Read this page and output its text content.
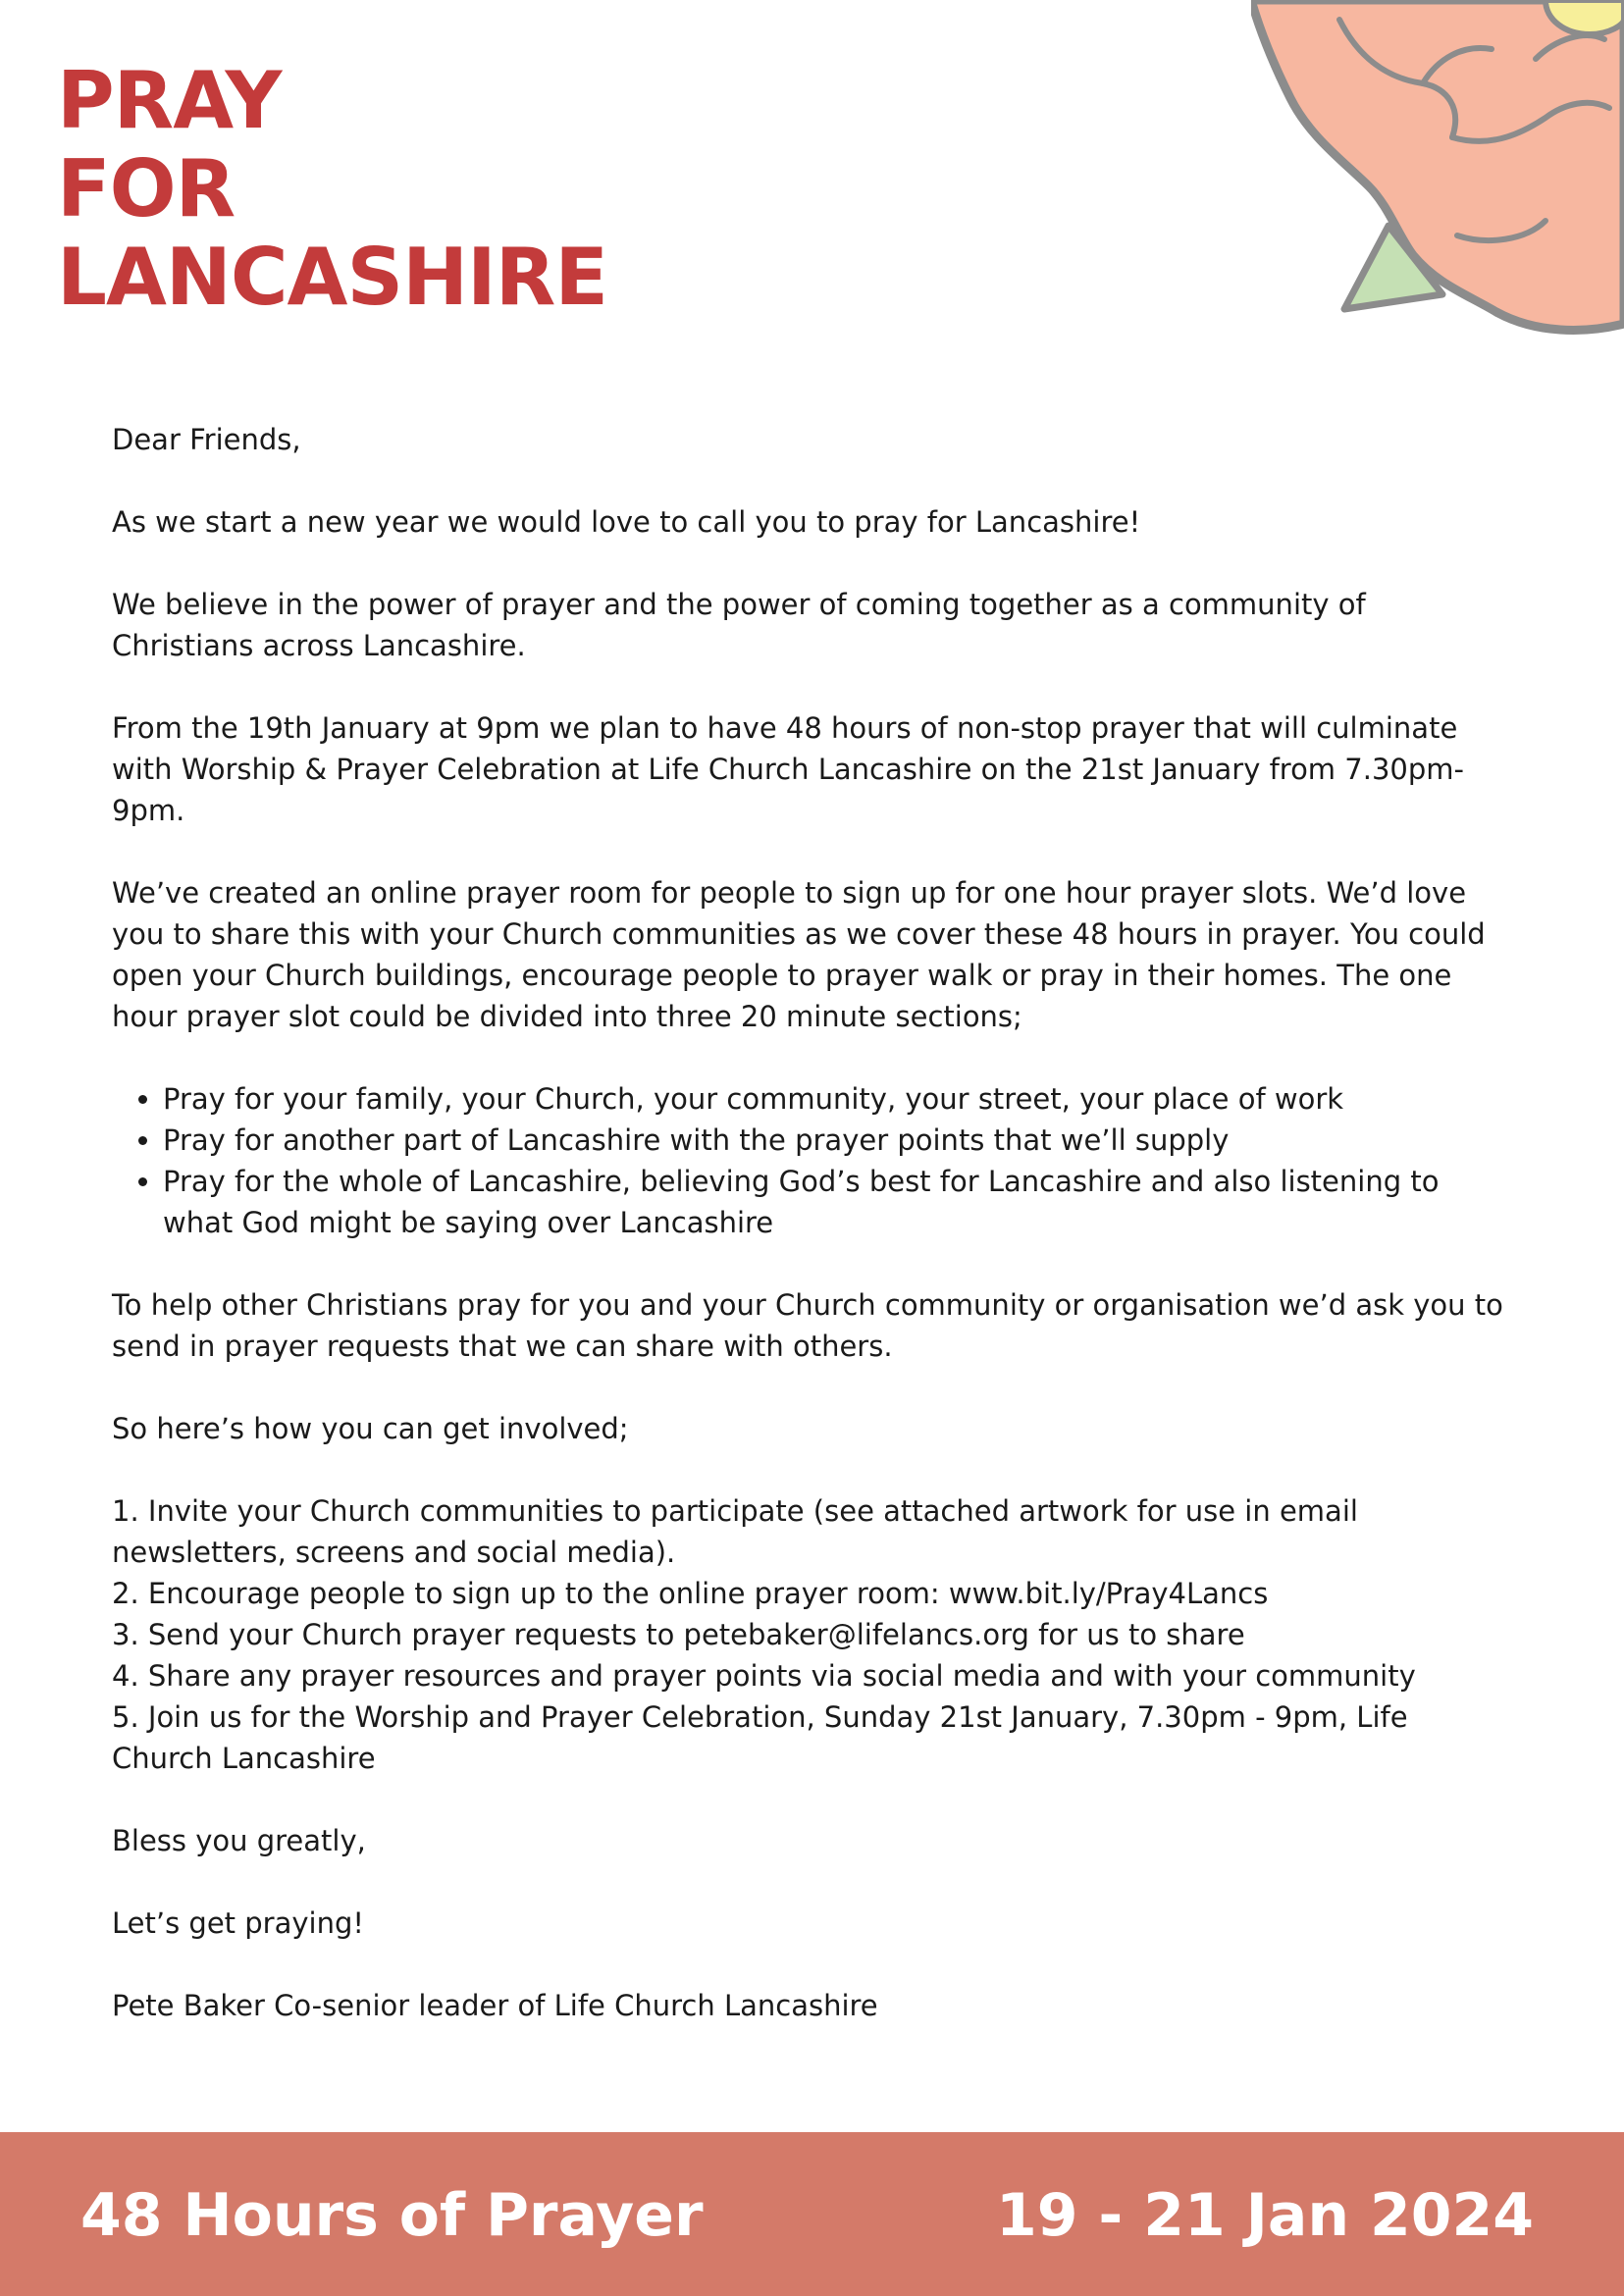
PRAY
FOR
LANCASHIRE

Dear Friends,

As we start a new year we would love to call you to pray for Lancashire!

We believe in the power of prayer and the power of coming together as a community of Christians across Lancashire.

From the 19th January at 9pm we plan to have 48 hours of non-stop prayer that will culminate with Worship & Prayer Celebration at Life Church Lancashire on the 21st January from 7.30pm-9pm.

We’ve created an online prayer room for people to sign up for one hour prayer slots. We’d love you to share this with your Church communities as we cover these 48 hours in prayer. You could open your Church buildings, encourage people to prayer walk or pray in their homes. The one hour prayer slot could be divided into three 20 minute sections;

• Pray for your family, your Church, your community, your street, your place of work
• Pray for another part of Lancashire with the prayer points that we’ll supply
• Pray for the whole of Lancashire, believing God’s best for Lancashire and also listening to what God might be saying over Lancashire

To help other Christians pray for you and your Church community or organisation we’d ask you to send in prayer requests that we can share with others.

So here’s how you can get involved;

1. Invite your Church communities to participate (see attached artwork for use in email newsletters, screens and social media).
2. Encourage people to sign up to the online prayer room: www.bit.ly/Pray4Lancs
3. Send your Church prayer requests to petebaker@lifelancs.org for us to share
4. Share any prayer resources and prayer points via social media and with your community
5. Join us for the Worship and Prayer Celebration, Sunday 21st January, 7.30pm - 9pm, Life Church Lancashire

Bless you greatly,

Let’s get praying!

Pete Baker Co-senior leader of Life Church Lancashire

48 Hours of Prayer	19 - 21 Jan 2024
